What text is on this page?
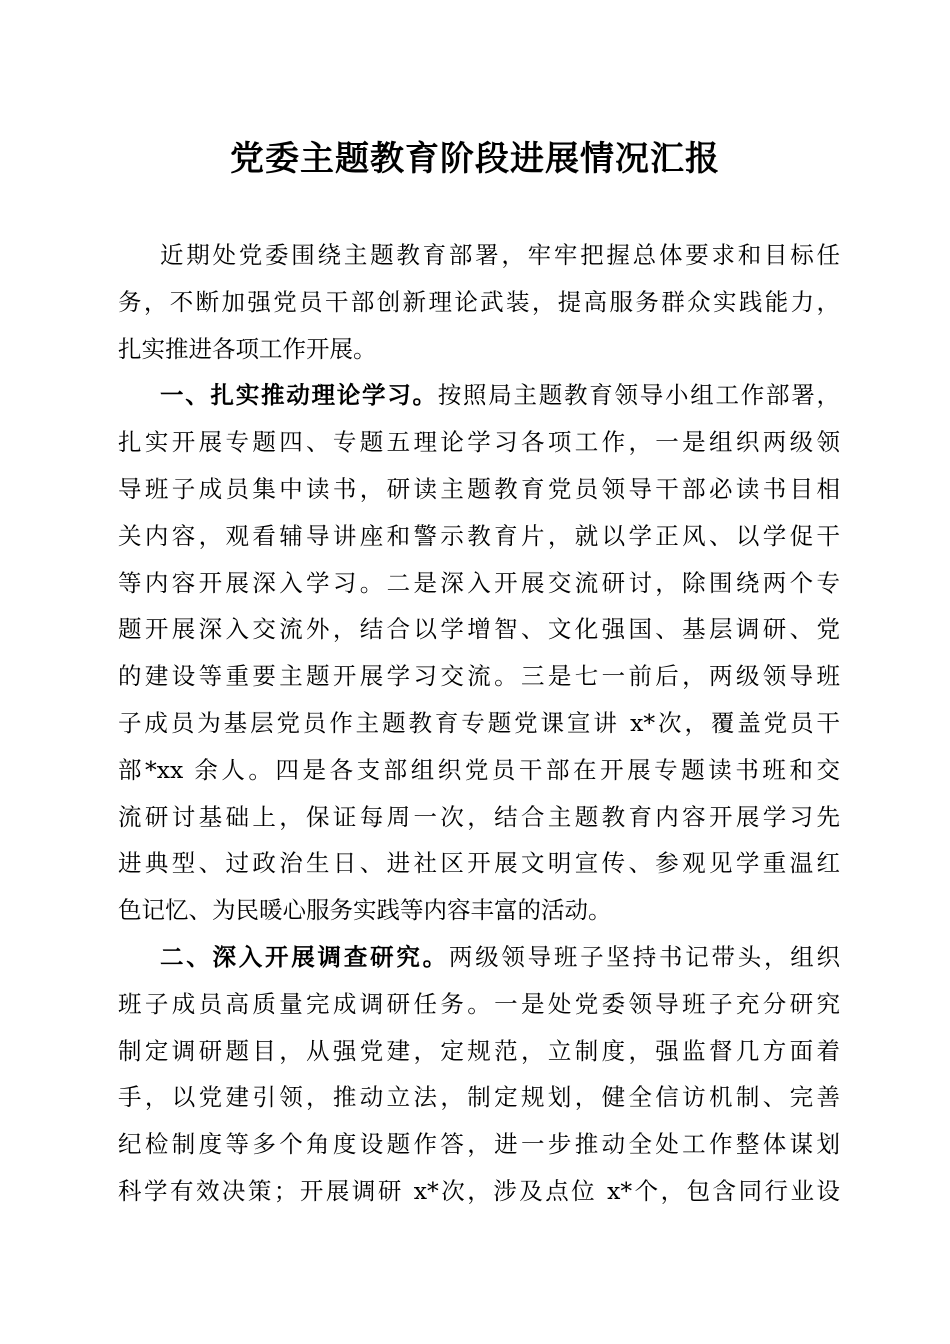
党委主题教育阶段进展情况汇报
近期处党委围绕主题教育部署，牢牢把握总体要求和目标任
务，不断加强党员干部创新理论武装，提高服务群众实践能力，
扎实推进各项工作开展。
一、扎实推动理论学习。按照局主题教育领导小组工作部署，
扎实开展专题四、专题五理论学习各项工作，一是组织两级领
导班子成员集中读书，研读主题教育党员领导干部必读书目相
关内容，观看辅导讲座和警示教育片，就以学正风、以学促干
等内容开展深入学习。二是深入开展交流研讨，除围绕两个专
题开展深入交流外，结合以学增智、文化强国、基层调研、党
的建设等重要主题开展学习交流。三是七一前后，两级领导班
子成员为基层党员作主题教育专题党课宣讲 x*次，覆盖党员干
部*xx 余人。四是各支部组织党员干部在开展专题读书班和交
流研讨基础上，保证每周一次，结合主题教育内容开展学习先
进典型、过政治生日、进社区开展文明宣传、参观见学重温红
色记忆、为民暖心服务实践等内容丰富的活动。
二、深入开展调查研究。两级领导班子坚持书记带头，组织
班子成员高质量完成调研任务。一是处党委领导班子充分研究
制定调研题目，从强党建，定规范，立制度，强监督几方面着
手，以党建引领，推动立法，制定规划，健全信访机制、完善
纪检制度等多个角度设题作答，进一步推动全处工作整体谋划
科学有效决策；开展调研 x*次，涉及点位 x*个，包含同行业设
